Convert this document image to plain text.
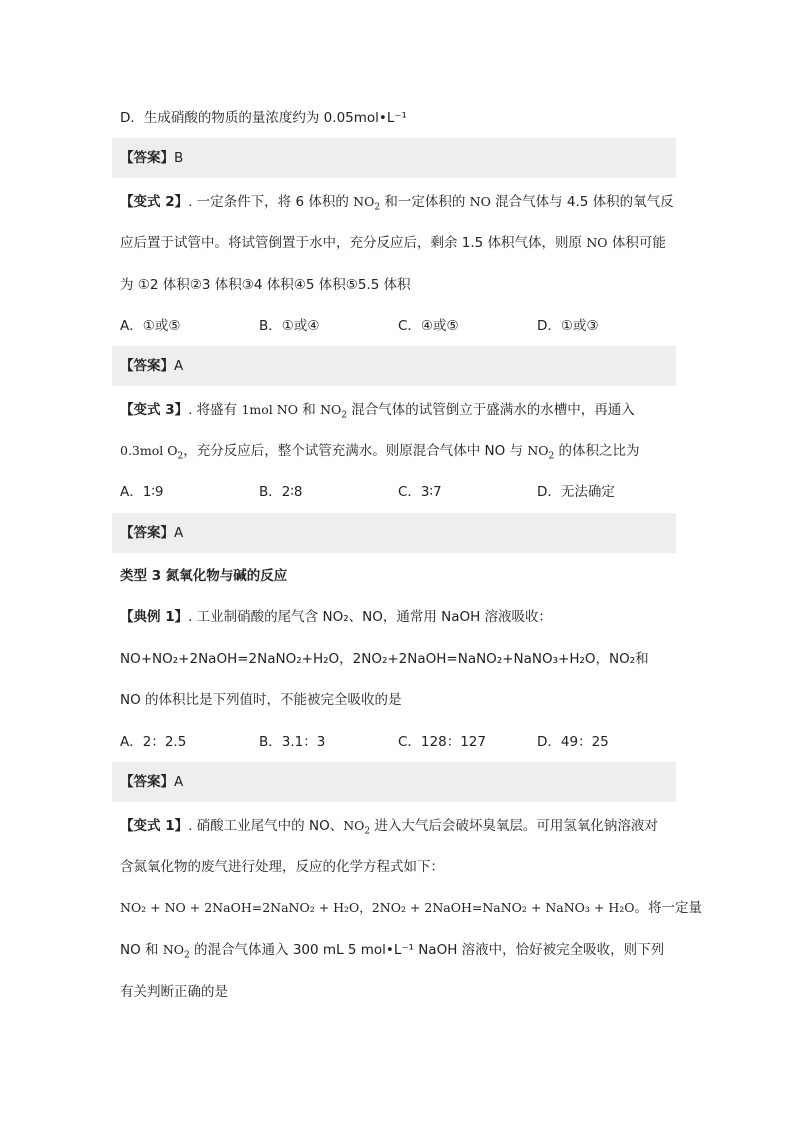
D．生成硝酸的物质的量浓度约为 0.05mol•L⁻¹
【答案】B
【变式 2】. 一定条件下，将 6 体积的 $NO_2$ 和一定体积的 NO 混合气体与 4.5 体积的氧气反
应后置于试管中。将试管倒置于水中，充分反应后，剩余 1.5 体积气体，则原 NO 体积可能
为 ①2 体积②3 体积③4 体积④5 体积⑤5.5 体积
A．①或⑤	B．①或④	C．④或⑤	D．①或③
【答案】A
【变式 3】. 将盛有 1mol NO 和 $NO_2$ 混合气体的试管倒立于盛满水的水槽中，再通入
0.3mol $O_2$，充分反应后，整个试管充满水。则原混合气体中 NO 与 $NO_2$ 的体积之比为
A．1∶9	B．2∶8	C．3∶7	D．无法确定
【答案】A
类型 3 氮氧化物与碱的反应
【典例 1】. 工业制硝酸的尾气含 NO₂、NO，通常用 NaOH 溶液吸收：
NO+NO₂+2NaOH=2NaNO₂+H₂O，2NO₂+2NaOH=NaNO₂+NaNO₃+H₂O，NO₂和
NO 的体积比是下列值时，不能被完全吸收的是
A．2：2.5	B．3.1：3	C．128：127	D．49：25
【答案】A
【变式 1】. 硝酸工业尾气中的 NO、$NO_2$ 进入大气后会破坏臭氧层。可用氢氧化钠溶液对
含氮氧化物的废气进行处理，反应的化学方程式如下：
NO₂ + NO + 2NaOH=2NaNO₂ + H₂O，2NO₂ + 2NaOH=NaNO₂ + NaNO₃ + H₂O。将一定量
NO 和 $NO_2$ 的混合气体通入 300 mL 5 mol•L⁻¹ NaOH 溶液中，恰好被完全吸收，则下列
有关判断正确的是
